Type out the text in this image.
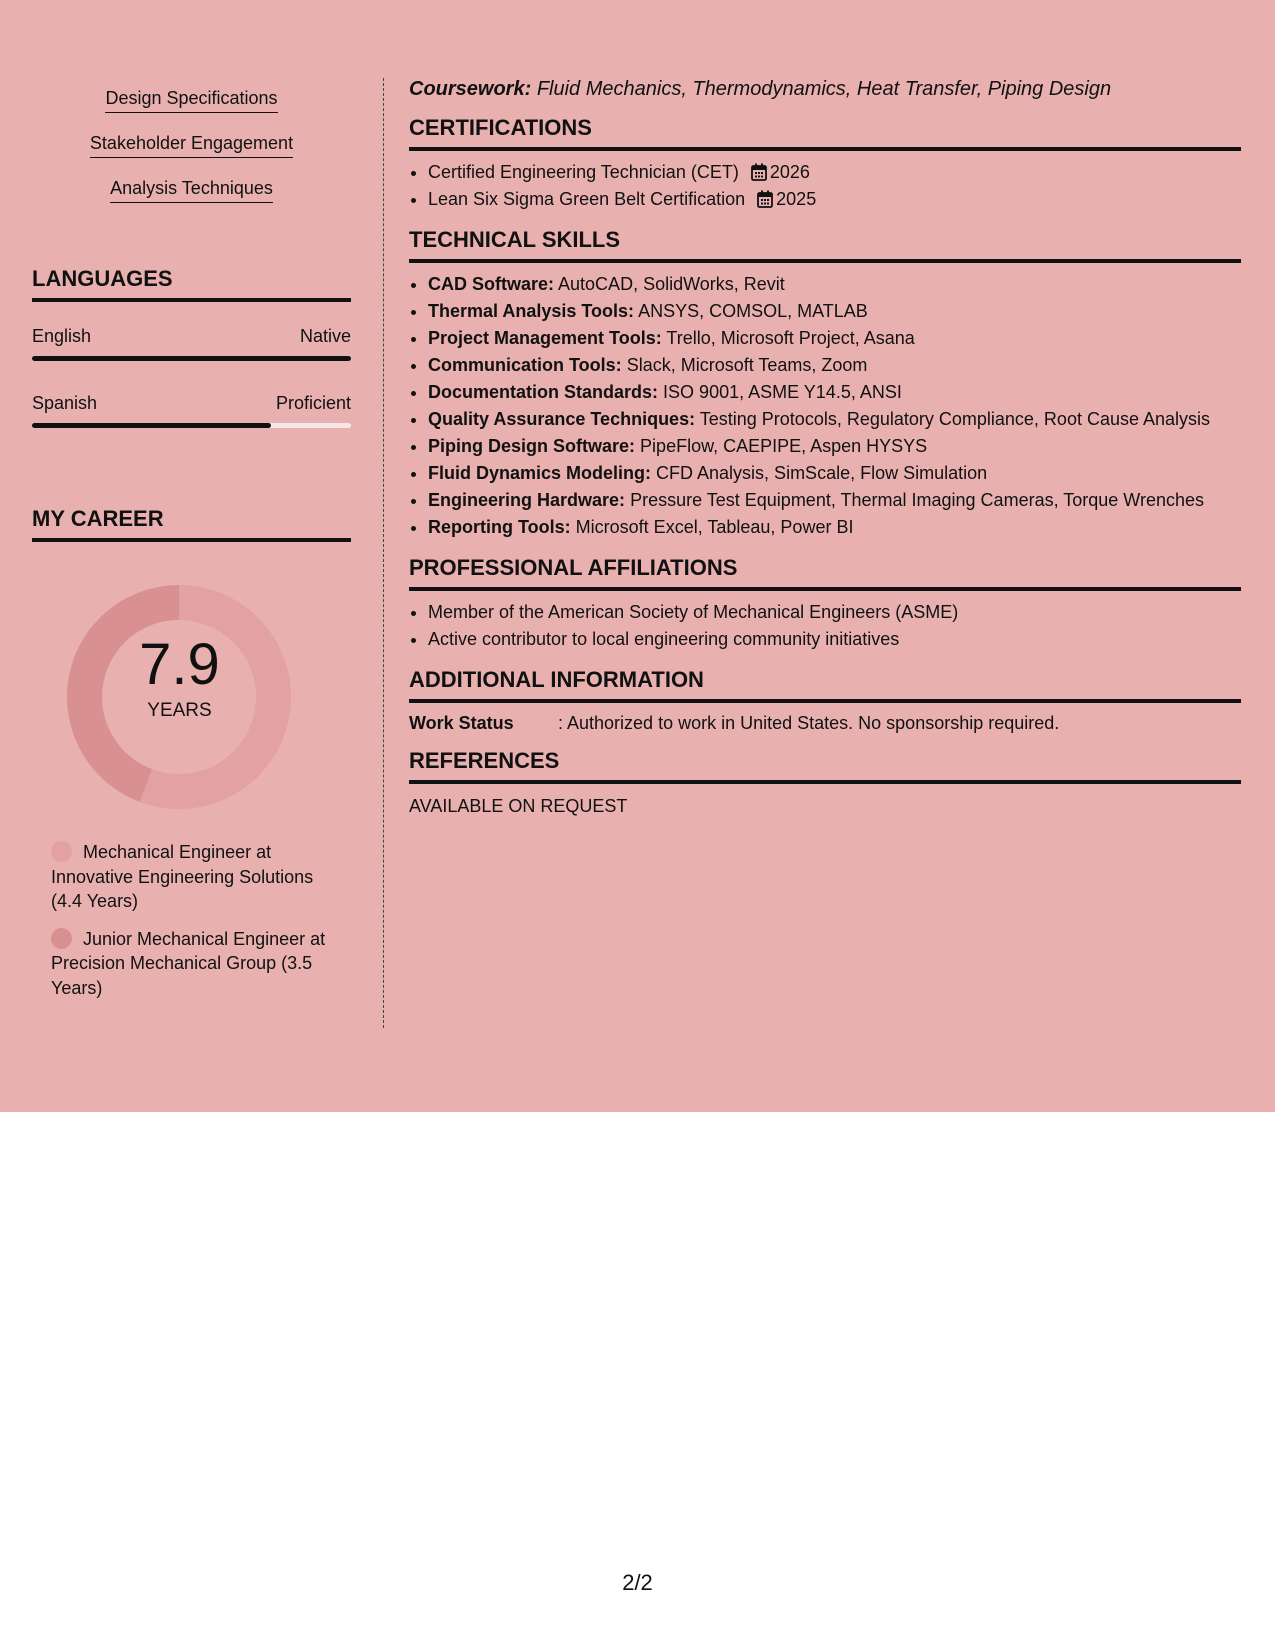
Design Specifications
Stakeholder Engagement
Analysis Techniques
LANGUAGES
English	Native
Spanish	Proficient
MY CAREER
7.9
YEARS
Mechanical Engineer at Innovative Engineering Solutions (4.4 Years)
Junior Mechanical Engineer at Precision Mechanical Group (3.5 Years)

Coursework: Fluid Mechanics, Thermodynamics, Heat Transfer, Piping Design

CERTIFICATIONS
• Certified Engineering Technician (CET) 2026
• Lean Six Sigma Green Belt Certification 2025
TECHNICAL SKILLS
• CAD Software: AutoCAD, SolidWorks, Revit
• Thermal Analysis Tools: ANSYS, COMSOL, MATLAB
• Project Management Tools: Trello, Microsoft Project, Asana
• Communication Tools: Slack, Microsoft Teams, Zoom
• Documentation Standards: ISO 9001, ASME Y14.5, ANSI
• Quality Assurance Techniques: Testing Protocols, Regulatory Compliance, Root Cause Analysis
• Piping Design Software: PipeFlow, CAEPIPE, Aspen HYSYS
• Fluid Dynamics Modeling: CFD Analysis, SimScale, Flow Simulation
• Engineering Hardware: Pressure Test Equipment, Thermal Imaging Cameras, Torque Wrenches
• Reporting Tools: Microsoft Excel, Tableau, Power BI
PROFESSIONAL AFFILIATIONS
• Member of the American Society of Mechanical Engineers (ASME)
• Active contributor to local engineering community initiatives
ADDITIONAL INFORMATION
Work Status	: Authorized to work in United States. No sponsorship required.
REFERENCES
AVAILABLE ON REQUEST
2/2
